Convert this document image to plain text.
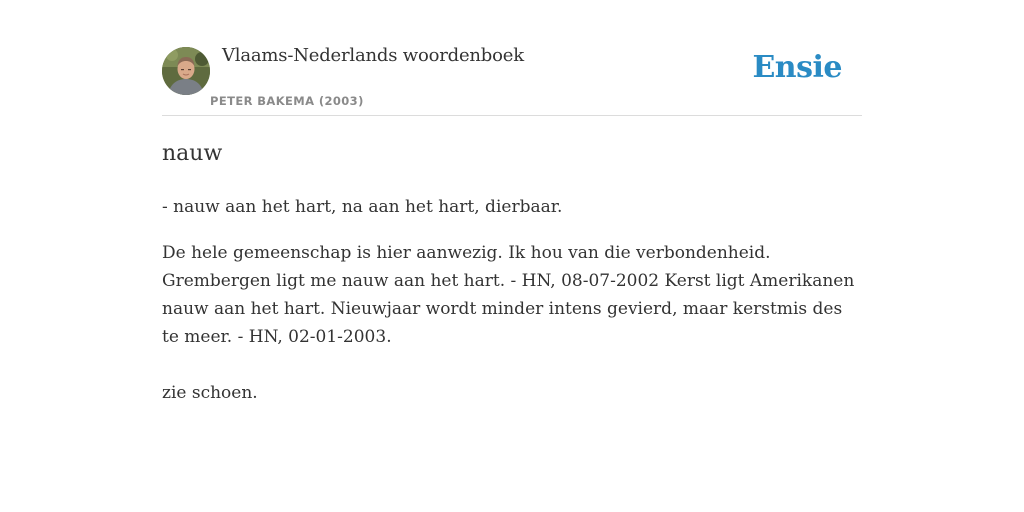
Vlaams-Nederlands woordenboek
PETER BAKEMA (2003)
Ensie
nauw

- nauw aan het hart, na aan het hart, dierbaar.

De hele gemeenschap is hier aanwezig. Ik hou van die verbondenheid. Grembergen ligt me nauw aan het hart. - HN, 08-07-2002 Kerst ligt Amerikanen nauw aan het hart. Nieuwjaar wordt minder intens gevierd, maar kerstmis des te meer. - HN, 02-01-2003.

zie schoen.
